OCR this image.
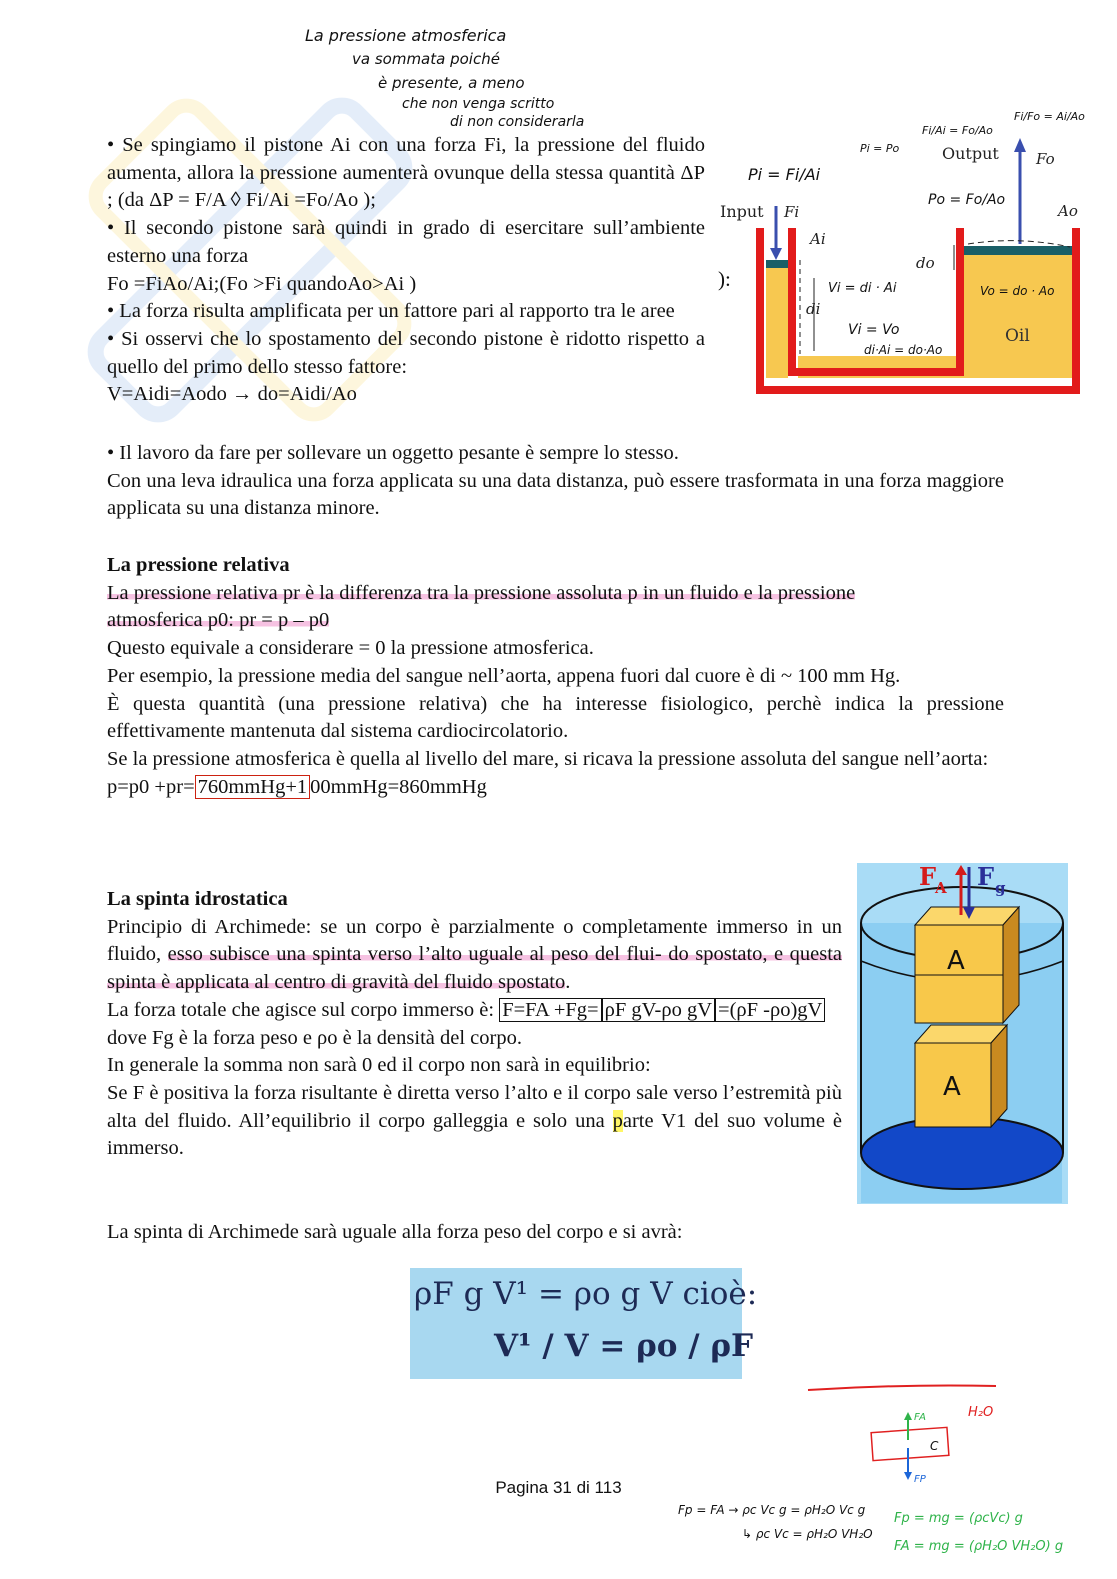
La pressione atmosferica
va sommata poiché
è presente, a meno
che non venga scritto
di non considerarla

• Se spingiamo il pistone Ai con una forza Fi, la pressione del fluido aumenta, allora la pressione aumenterà ovunque della stessa quantità ΔP ; (da ΔP = F/A ◊ Fi/Ai =Fo/Ao );

• Il secondo pistone sarà quindi in grado di esercitare sull’ambiente esterno una forza

Fo =FiAo/Ai;(Fo >Fi quandoAo>Ai )

• La forza risulta amplificata per un fattore pari al rapporto tra le aree

• Si osservi che lo spostamento del secondo pistone è ridotto rispetto a quello del primo dello stesso fattore:

V=Aidi=Aodo → do=Aidi/Ao

• Il lavoro da fare per sollevare un oggetto pesante è sempre lo stesso.

Con una leva idraulica una forza applicata su una data distanza, può essere trasformata in una forza maggiore applicata su una distanza minore.

Input
Output
Oil
Fi
Fo
Ai
Ao
di
do
):
Pi = Fi/Ai
Pi = Po
Fi/Ai = Fo/Ao
Fi/Fo = Ai/Ao
Po = Fo/Ao
Vi = di · Ai	Vo = do · Ao
Vi = Vo
di·Ai = do·Ao

La pressione relativa

La pressione relativa pr è la differenza tra la pressione assoluta p in un fluido e la pressione

atmosferica p0: pr = p – p0

Questo equivale a considerare = 0 la pressione atmosferica.

Per esempio, la pressione media del sangue nell’aorta, appena fuori dal cuore è di ~ 100 mm Hg.

È questa quantità (una pressione relativa) che ha interesse fisiologico, perchè indica la pressione effettivamente mantenuta dal sistema cardiocircolatorio.

Se la pressione atmosferica è quella al livello del mare, si ricava la pressione assoluta del sangue nell’aorta:

p=p0 +pr= 760mmHg+1 00mmHg=860mmHg

La spinta idrostatica

Principio di Archimede: se un corpo è parzialmente o completamente immerso in un fluido, esso subisce una spinta verso l’alto uguale al peso del flui- do spostato, e questa spinta è applicata al centro di gravità del fluido spostato.

La forza totale che agisce sul corpo immerso è: F=FA +Fg= ρF gV-ρo gV =(ρF -ρo)gV

dove Fg è la forza peso e ρo è la densità del corpo.

In generale la somma non sarà 0 ed il corpo non sarà in equilibrio:

Se F è positiva la forza risultante è diretta verso l’alto e il corpo sale verso l’estremità più alta del fluido. All’equilibrio il corpo galleggia e solo una parte V1 del suo volume è immerso.

La spinta di Archimede sarà uguale alla forza peso del corpo e si avrà:

A
A
F
A F g
ρF g V¹ = ρo g V cioè:
V¹ / V = ρo / ρF
H₂O
C
FA
FP
Fp = FA → ρc Vc g = ρH₂O Vc g
↳ ρc Vc = ρH₂O VH₂O
Fp = mg = (ρcVc) g
FA = mg = (ρH₂O VH₂O) g
Pagina 31 di 113
